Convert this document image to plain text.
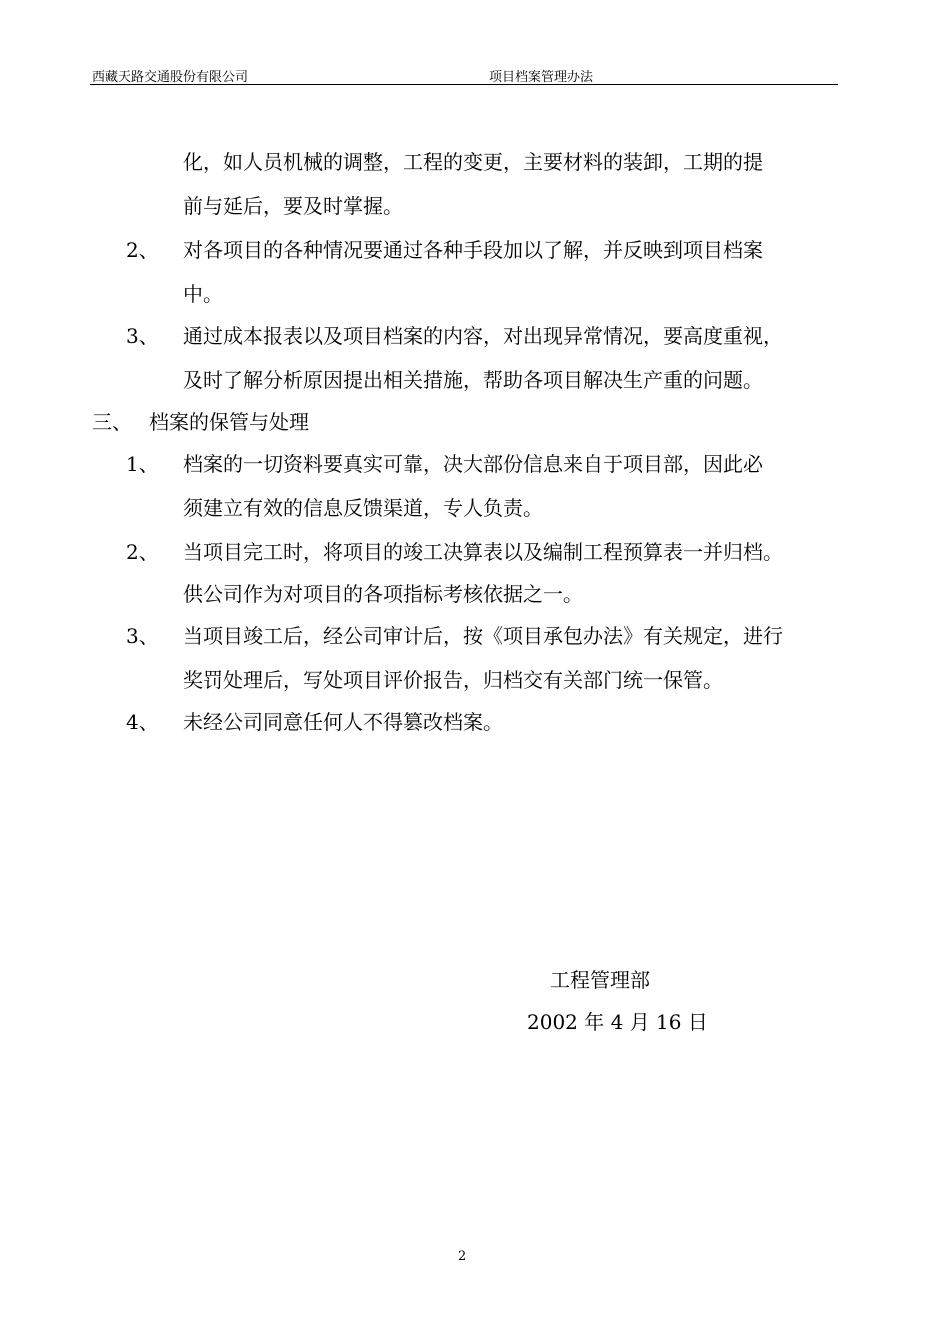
西藏天路交通股份有限公司	项目档案管理办法
化，如人员机械的调整，工程的变更，主要材料的装卸，工期的提
前与延后，要及时掌握。
2、 对各项目的各种情况要通过各种手段加以了解，并反映到项目档案
中。
3、 通过成本报表以及项目档案的内容，对出现异常情况，要高度重视，
及时了解分析原因提出相关措施，帮助各项目解决生产重的问题。
三、 档案的保管与处理
1、 档案的一切资料要真实可靠，决大部份信息来自于项目部，因此必
须建立有效的信息反馈渠道，专人负责。
2、 当项目完工时，将项目的竣工决算表以及编制工程预算表一并归档。
供公司作为对项目的各项指标考核依据之一。
3、 当项目竣工后，经公司审计后，按《项目承包办法》有关规定，进行
奖罚处理后，写处项目评价报告，归档交有关部门统一保管。
4、 未经公司同意任何人不得篡改档案。
工程管理部
2002 年 4 月 16 日
2
